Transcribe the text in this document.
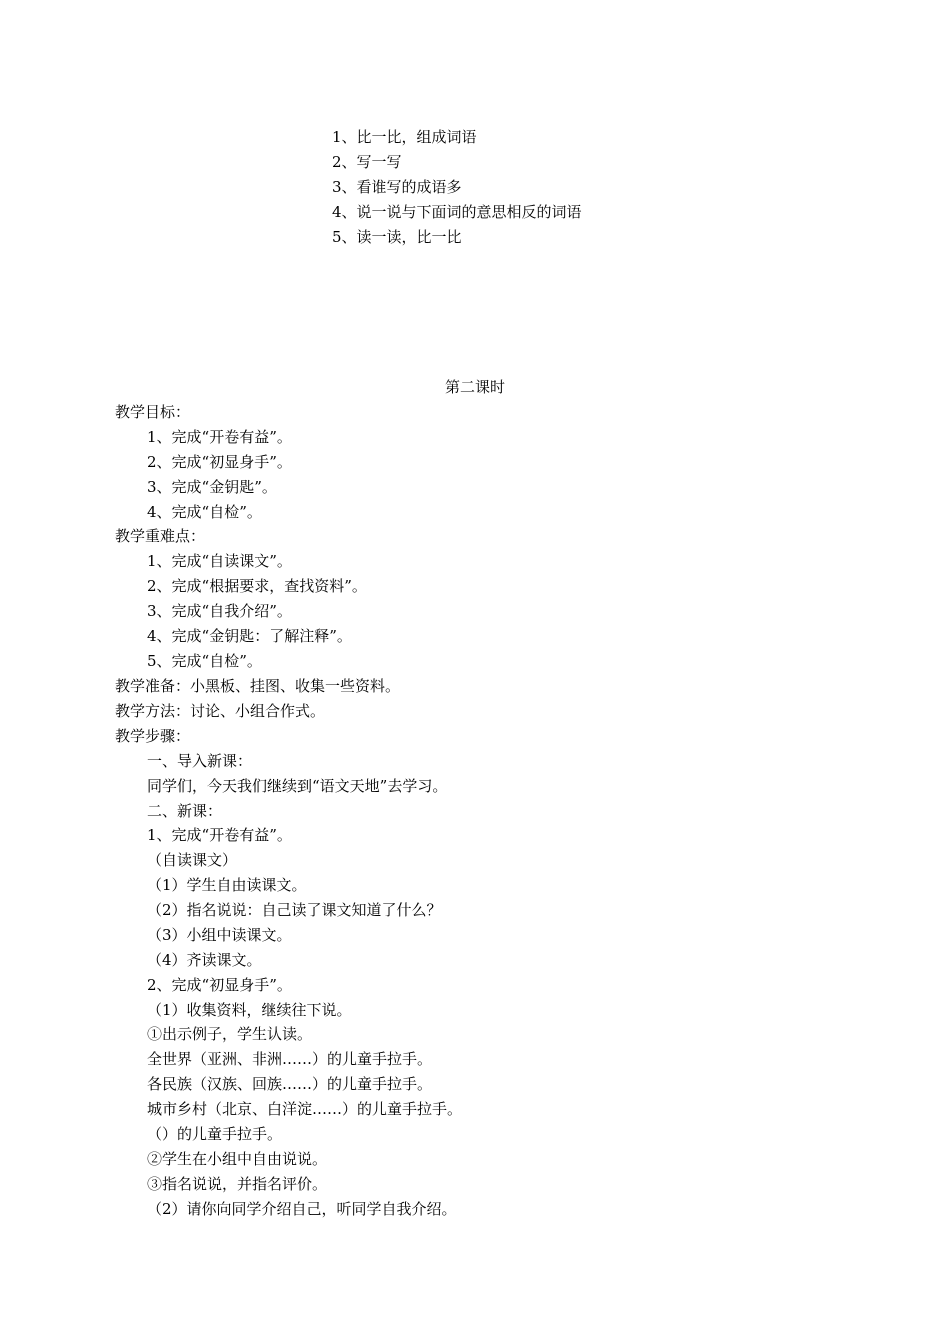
1、比一比，组成词语
2、写一写
3、看谁写的成语多
4、说一说与下面词的意思相反的词语
5、读一读，比一比
第二课时
教学目标：
1、完成“开卷有益”。
2、完成“初显身手”。
3、完成“金钥匙”。
4、完成“自检”。
教学重难点：
1、完成“自读课文”。
2、完成“根据要求，查找资料”。
3、完成“自我介绍”。
4、完成“金钥匙：了解注释”。
5、完成“自检”。
教学准备：小黑板、挂图、收集一些资料。
教学方法：讨论、小组合作式。
教学步骤：
一、导入新课：
同学们，今天我们继续到“语文天地”去学习。
二、新课：
1、完成“开卷有益”。
（自读课文）
（1）学生自由读课文。
（2）指名说说：自己读了课文知道了什么？
（3）小组中读课文。
（4）齐读课文。
2、完成“初显身手”。
（1）收集资料，继续往下说。
①出示例子，学生认读。
全世界（亚洲、非洲……）的儿童手拉手。
各民族（汉族、回族……）的儿童手拉手。
城市乡村（北京、白洋淀……）的儿童手拉手。
（）的儿童手拉手。
②学生在小组中自由说说。
③指名说说，并指名评价。
（2）请你向同学介绍自己，听同学自我介绍。
